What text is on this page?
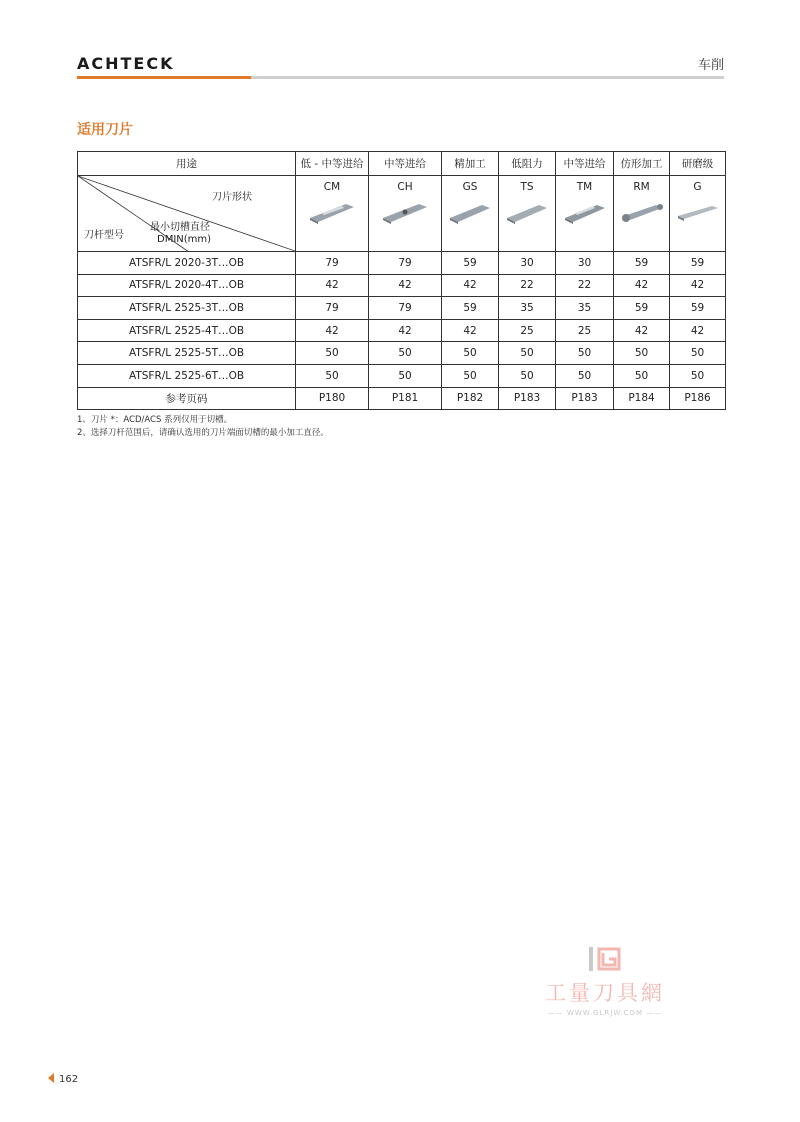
ACHTECK	车削
适用刀片
用途	低 - 中等进给	中等进给	精加工	低阻力	中等进给	仿形加工	研磨级

刀片形状
最小切槽直径
DMIN(mm)
刀杆型号	CM	CH	GS	TS	TM	RM	G

ATSFR/L 2020-3T…OB	79	79	59	30	30	59	59
ATSFR/L 2020-4T…OB	42	42	42	22	22	42	42
ATSFR/L 2525-3T…OB	79	79	59	35	35	59	59
ATSFR/L 2525-4T…OB	42	42	42	25	25	42	42
ATSFR/L 2525-5T…OB	50	50	50	50	50	50	50
ATSFR/L 2525-6T…OB	50	50	50	50	50	50	50
参考页码	P180	P181	P182	P183	P183	P184	P186
1、刀片 *：ACD/ACS 系列仅用于切槽。
2、选择刀杆范围后，请确认选用的刀片端面切槽的最小加工直径。
工量刀具網
—— WWW.GLRJW.COM ——
162
